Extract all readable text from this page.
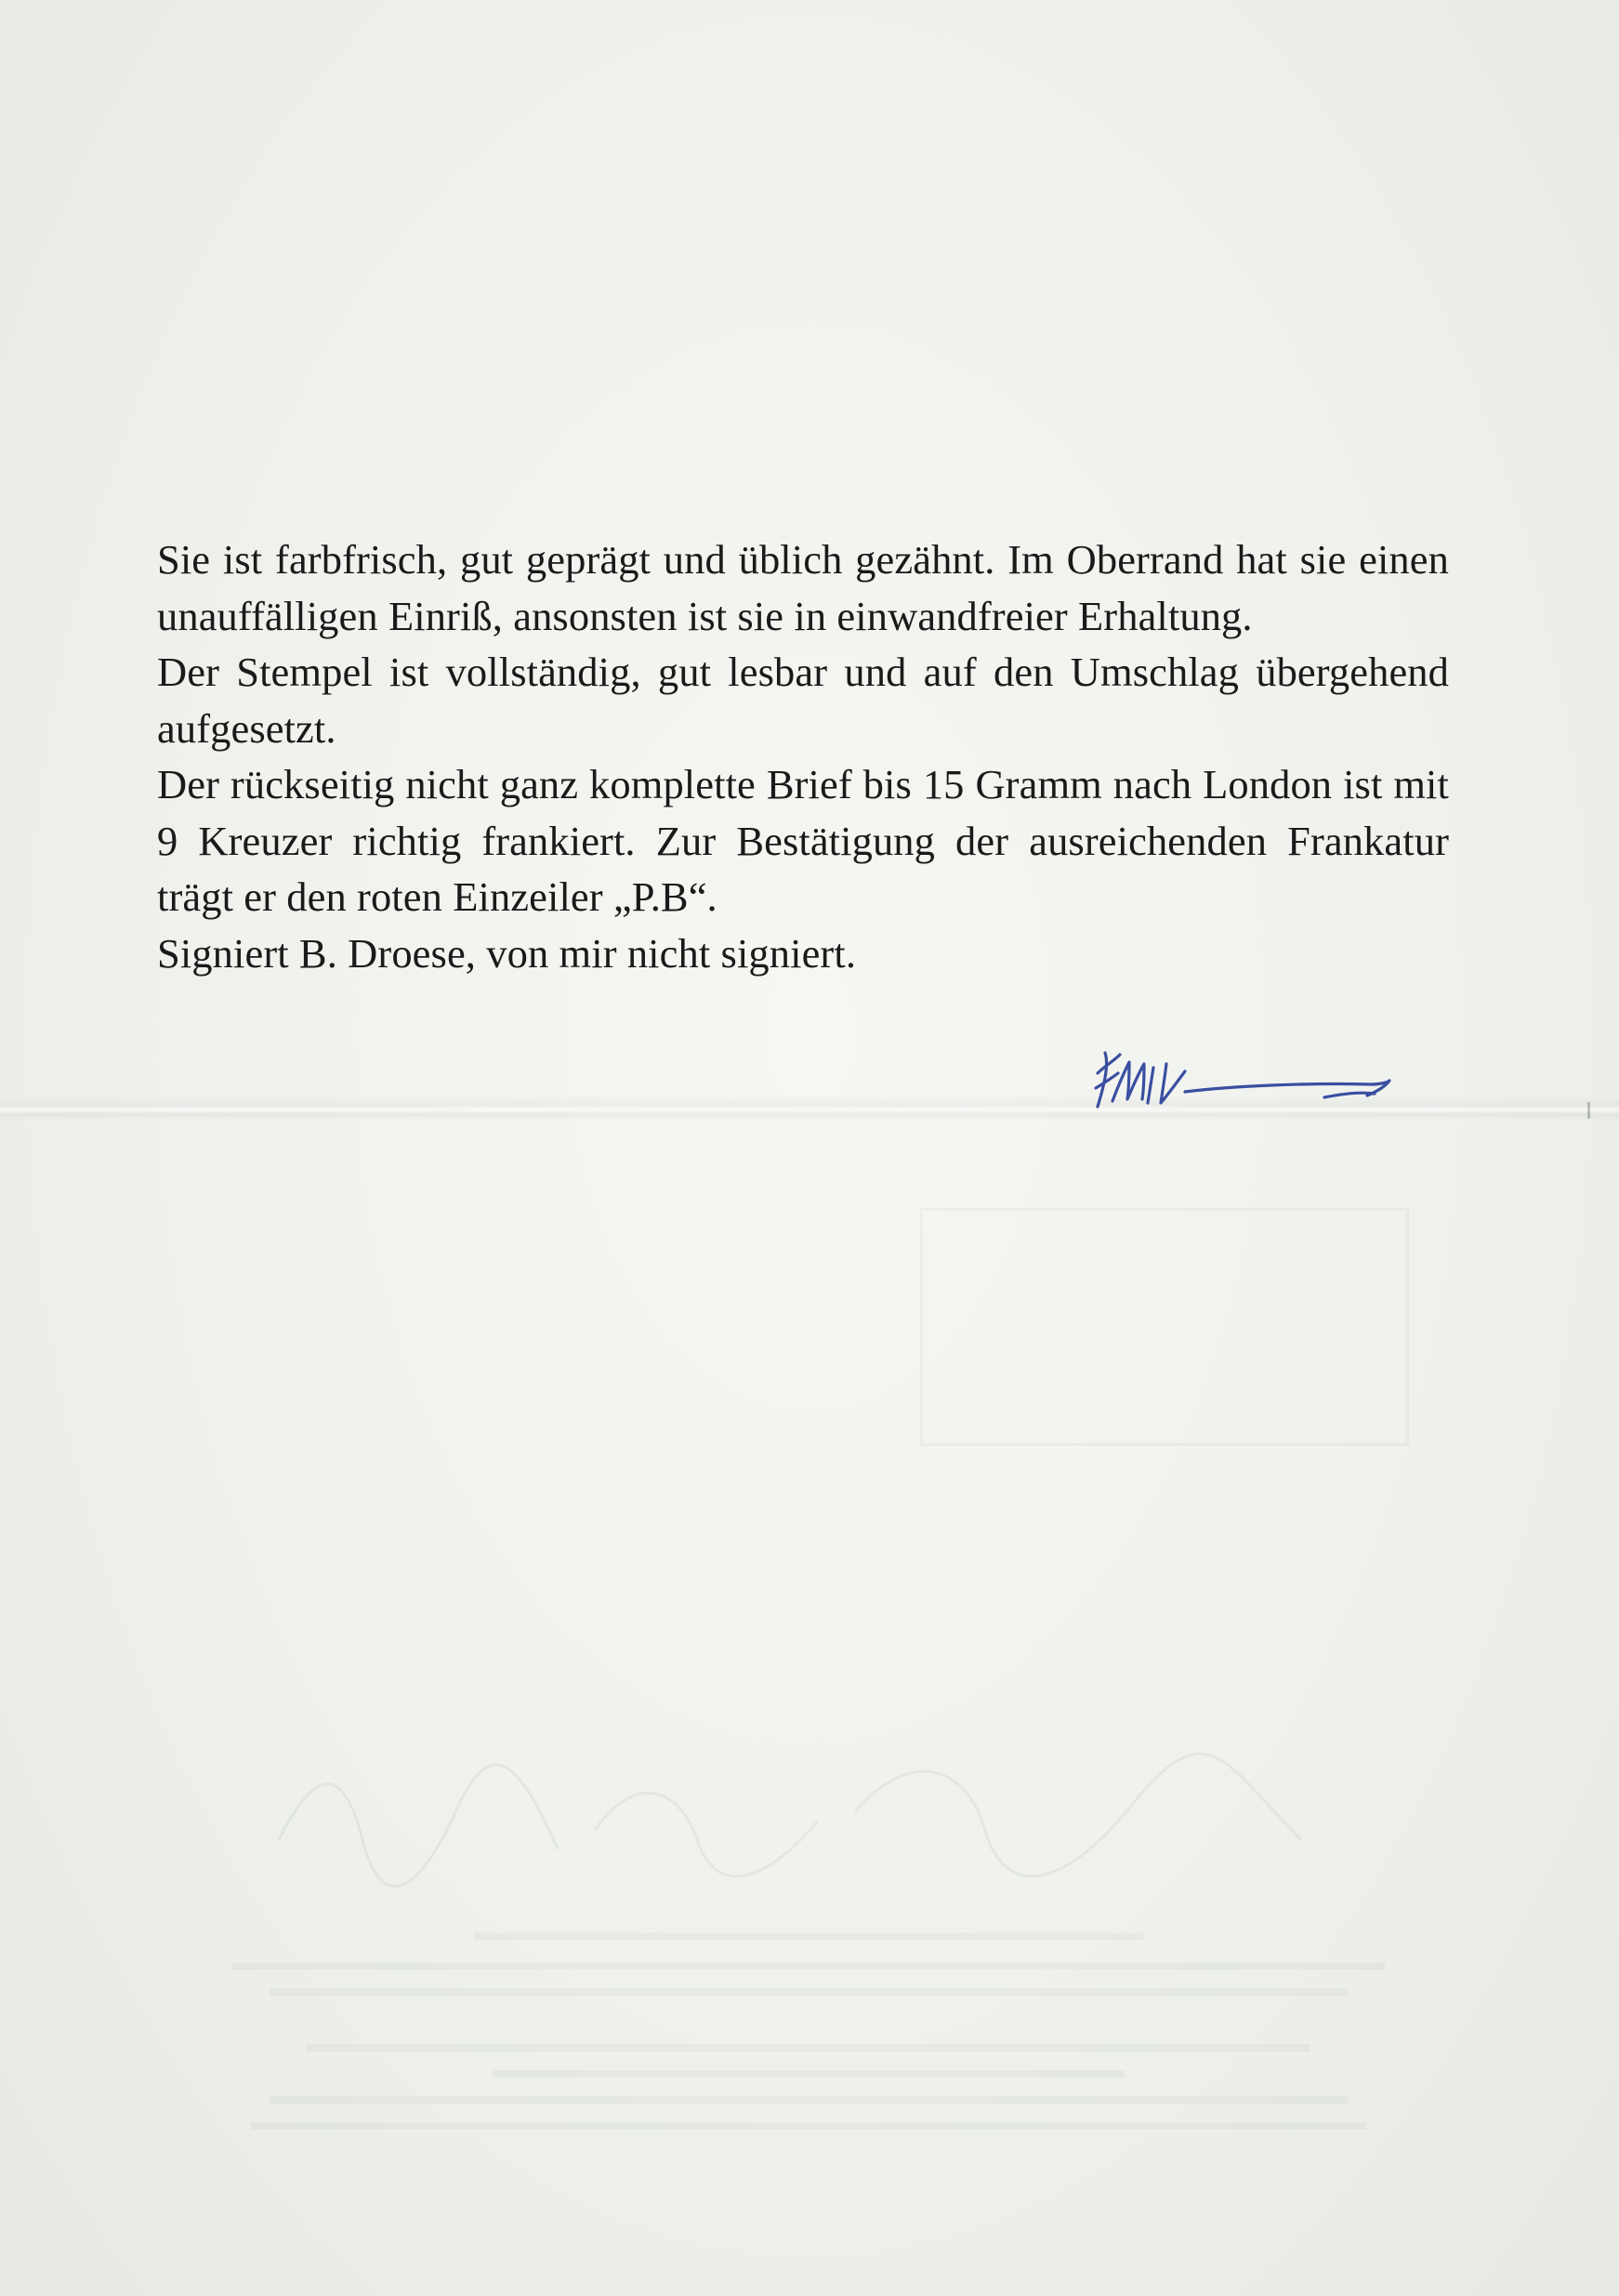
Sie ist farbfrisch, gut geprägt und üblich gezähnt. Im Oberrand hat sie einen unauffälligen Einriß, ansonsten ist sie in einwandfreier Erhaltung.

Der Stempel ist vollständig, gut lesbar und auf den Umschlag übergehend aufgesetzt.

Der rückseitig nicht ganz komplette Brief bis 15 Gramm nach London ist mit 9 Kreuzer richtig frankiert. Zur Bestätigung der ausreichenden Frankatur trägt er den roten Einzeiler „P.B“.

Signiert B. Droese, von mir nicht signiert.
